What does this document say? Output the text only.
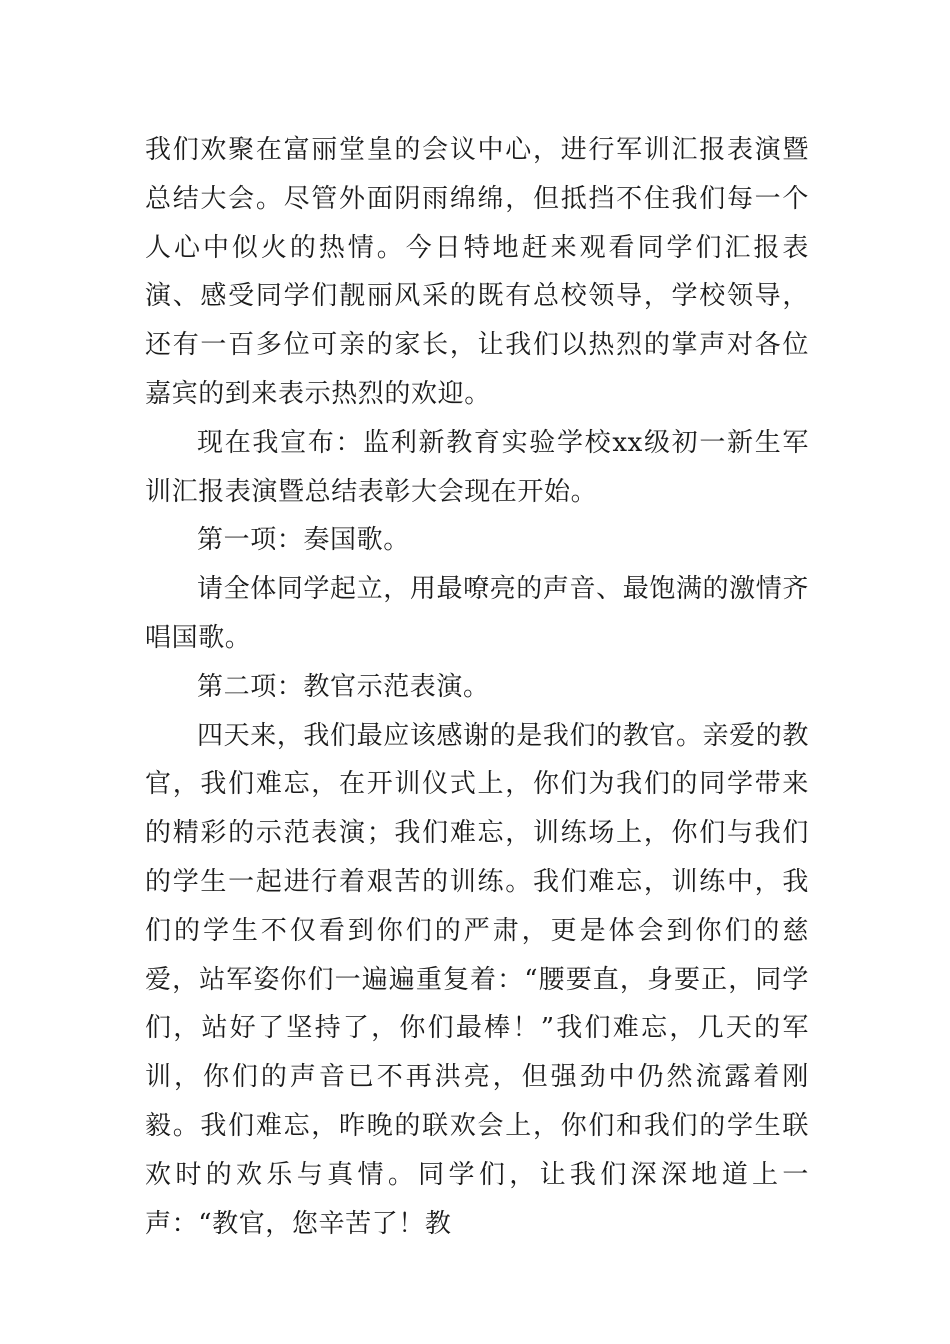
我们欢聚在富丽堂皇的会议中心，进行军训汇报表演暨总结大会。尽管外面阴雨绵绵，但抵挡不住我们每一个人心中似火的热情。今日特地赶来观看同学们汇报表演、感受同学们靓丽风采的既有总校领导，学校领导，还有一百多位可亲的家长，让我们以热烈的掌声对各位嘉宾的到来表示热烈的欢迎。

现在我宣布：监利新教育实验学校xx级初一新生军训汇报表演暨总结表彰大会现在开始。

第一项：奏国歌。

请全体同学起立，用最嘹亮的声音、最饱满的激情齐唱国歌。

第二项：教官示范表演。

四天来，我们最应该感谢的是我们的教官。亲爱的教官，我们难忘，在开训仪式上，你们为我们的同学带来的精彩的示范表演；我们难忘，训练场上，你们与我们的学生一起进行着艰苦的训练。我们难忘，训练中，我们的学生不仅看到你们的严肃，更是体会到你们的慈爱，站军姿你们一遍遍重复着：“腰要直，身要正，同学们，站好了坚持了，你们最棒！”我们难忘，几天的军训，你们的声音已不再洪亮，但强劲中仍然流露着刚毅。我们难忘，昨晚的联欢会上，你们和我们的学生联欢时的欢乐与真情。同学们，让我们深深地道上一声：“教官，您辛苦了！教
